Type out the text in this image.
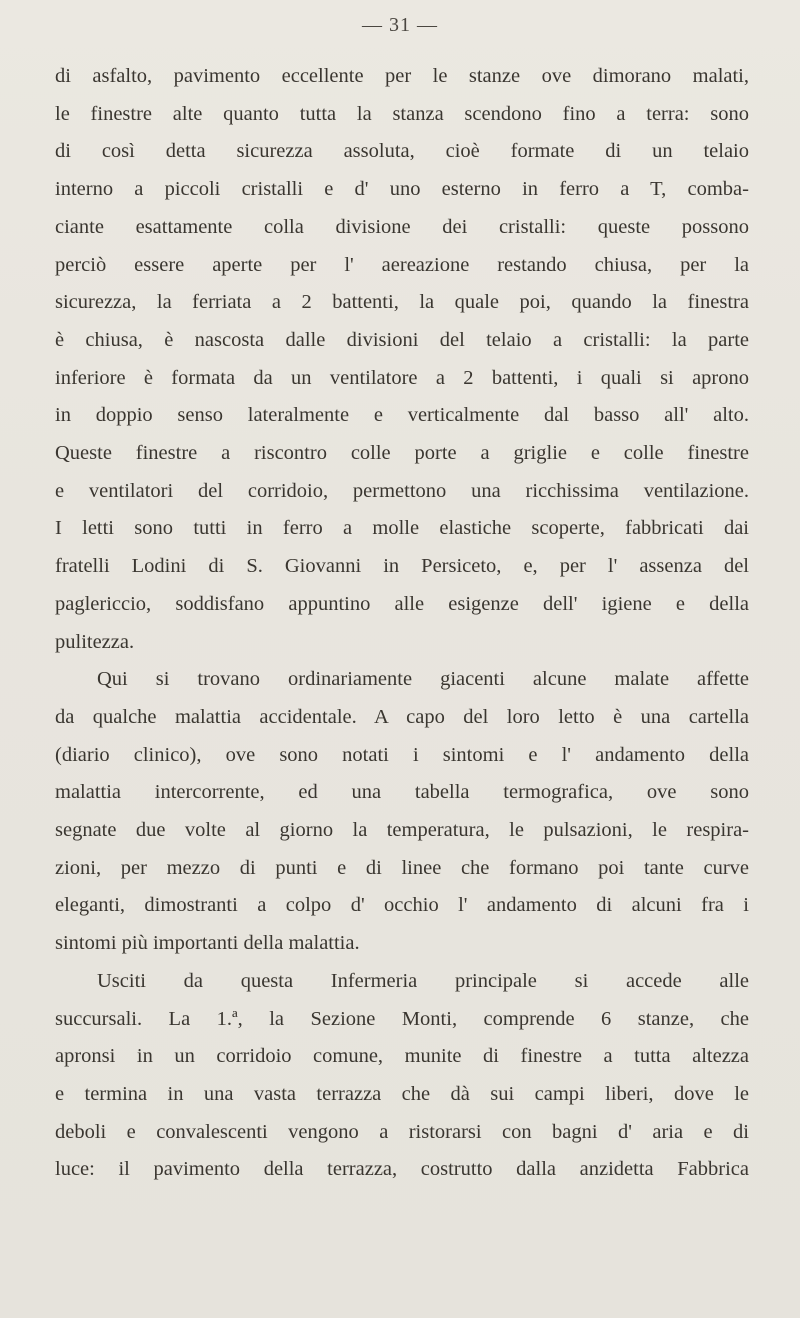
— 31 —

di asfalto, pavimento eccellente per le stanze ove dimorano malati,
le finestre alte quanto tutta la stanza scendono fino a terra: sono
di così detta sicurezza assoluta, cioè formate di un telaio
interno a piccoli cristalli e d' uno esterno in ferro a T, comba-
ciante esattamente colla divisione dei cristalli: queste possono
perciò essere aperte per l' aereazione restando chiusa, per la
sicurezza, la ferriata a 2 battenti, la quale poi, quando la finestra
è chiusa, è nascosta dalle divisioni del telaio a cristalli: la parte
inferiore è formata da un ventilatore a 2 battenti, i quali si aprono
in doppio senso lateralmente e verticalmente dal basso all' alto.
Queste finestre a riscontro colle porte a griglie e colle finestre
e ventilatori del corridoio, permettono una ricchissima ventilazione.
I letti sono tutti in ferro a molle elastiche scoperte, fabbricati dai
fratelli Lodini di S. Giovanni in Persiceto, e, per l' assenza del
paglericcio, soddisfano appuntino alle esigenze dell' igiene e della
pulitezza.

Qui si trovano ordinariamente giacenti alcune malate affette
da qualche malattia accidentale. A capo del loro letto è una cartella
(diario clinico), ove sono notati i sintomi e l' andamento della
malattia intercorrente, ed una tabella termografica, ove sono
segnate due volte al giorno la temperatura, le pulsazioni, le respira-
zioni, per mezzo di punti e di linee che formano poi tante curve
eleganti, dimostranti a colpo d' occhio l' andamento di alcuni fra i
sintomi più importanti della malattia.

Usciti da questa Infermeria principale si accede alle
succursali. La 1.ª, la Sezione Monti, comprende 6 stanze, che
apronsi in un corridoio comune, munite di finestre a tutta altezza
e termina in una vasta terrazza che dà sui campi liberi, dove le
deboli e convalescenti vengono a ristorarsi con bagni d' aria e di
luce: il pavimento della terrazza, costrutto dalla anzidetta Fabbrica
